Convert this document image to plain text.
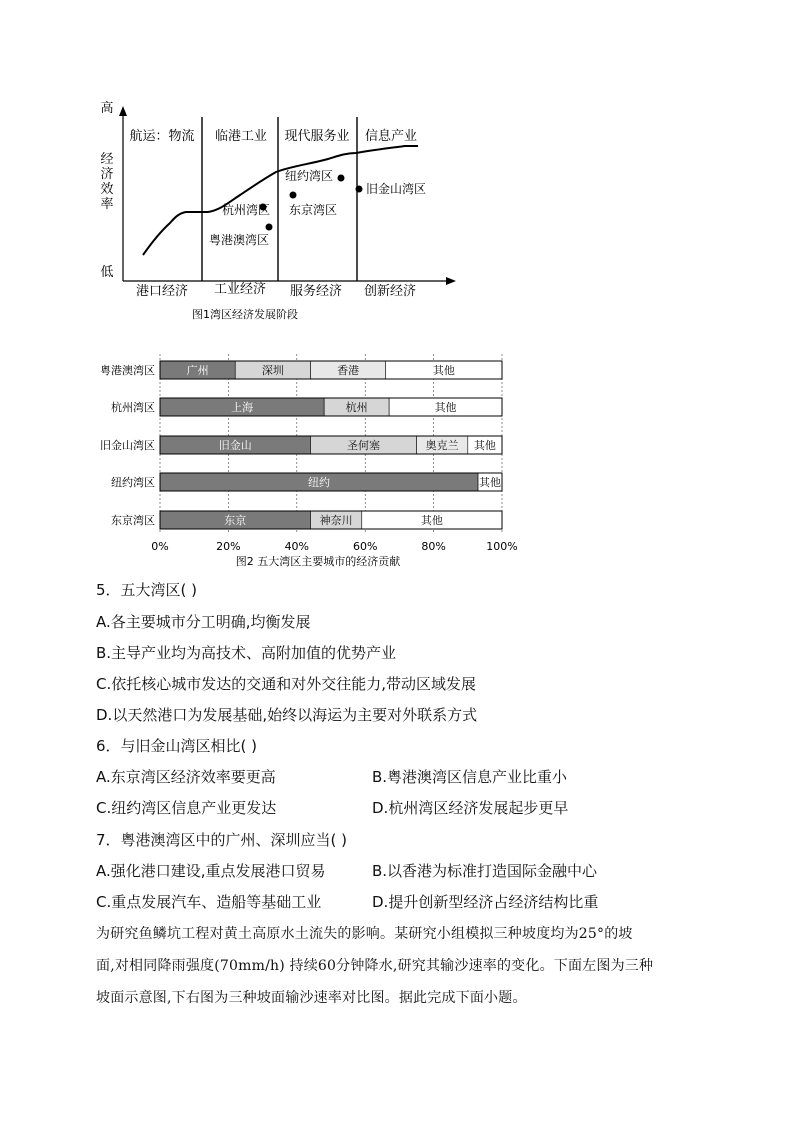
高
低
经济效率
航运：物流 临港工业 现代服务业 信息产业
港口经济 工业经济 服务经济 创新经济
杭州湾区
粤港澳湾区
东京湾区
纽约湾区
旧金山湾区
图1湾区经济发展阶段
图2 五大湾区主要城市的经济贡献
0%	20%	40%	60%	80%	100%
粤港澳湾区	广州	深圳	香港	其他
杭州湾区	上海	杭州	其他
旧金山湾区	旧金山	圣何塞	奥克兰 其他
纽约湾区	纽约	其他
东京湾区	东京	神奈川	其他
5．五大湾区( )
A.各主要城市分工明确,均衡发展
B.主导产业均为高技术、高附加值的优势产业
C.依托核心城市发达的交通和对外交往能力,带动区域发展
D.以天然港口为发展基础,始终以海运为主要对外联系方式
6．与旧金山湾区相比( )
A.东京湾区经济效率要更高	B.粤港澳湾区信息产业比重小
C.纽约湾区信息产业更发达	D.杭州湾区经济发展起步更早
7．粤港澳湾区中的广州、深圳应当( )
A.强化港口建设,重点发展港口贸易	B.以香港为标准打造国际金融中心
C.重点发展汽车、造船等基础工业	D.提升创新型经济占经济结构比重
为研究鱼鳞坑工程对黄土高原水土流失的影响。某研究小组模拟三种坡度均为25°的坡
面,对相同降雨强度(70mm/h) 持续60分钟降水,研究其输沙速率的变化。下面左图为三种
坡面示意图,下右图为三种坡面输沙速率对比图。据此完成下面小题。
